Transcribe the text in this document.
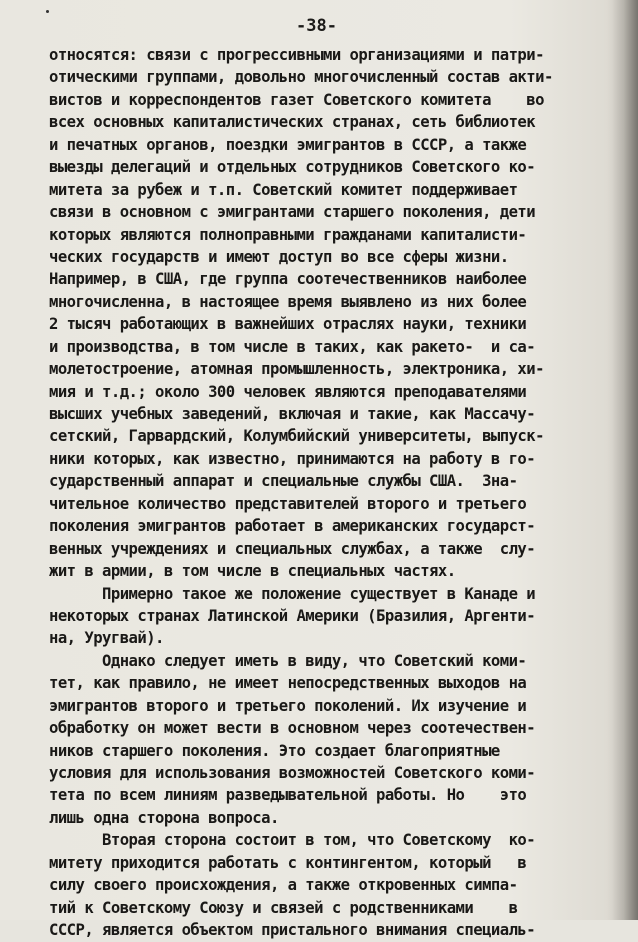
-38-
относятся: связи с прогрессивными организациями и патри-
отическими группами, довольно многочисленный состав акти-
вистов и корреспондентов газет Советского комитета    во
всех основных капиталистических странах, сеть библиотек
и печатных органов, поездки эмигрантов в СССР, а также
выезды делегаций и отдельных сотрудников Советского ко-
митета за рубеж и т.п. Советский комитет поддерживает
связи в основном с эмигрантами старшего поколения, дети
которых являются полноправными гражданами капиталисти-
ческих государств и имеют доступ во все сферы жизни.
Например, в США, где группа соотечественников наиболее
многочисленна, в настоящее время выявлено из них более
2 тысяч работающих в важнейших отраслях науки, техники
и производства, в том числе в таких, как ракето-  и са-
молетостроение, атомная промышленность, электроника, хи-
мия и т.д.; около 300 человек являются преподавателями
высших учебных заведений, включая и такие, как Массачу-
сетский, Гарвардский, Колумбийский университеты, выпуск-
ники которых, как известно, принимаются на работу в го-
сударственный аппарат и специальные службы США.  Зна-
чительное количество представителей второго и третьего
поколения эмигрантов работает в американских государст-
венных учреждениях и специальных службах, а также  слу-
жит в армии, в том числе в специальных частях.
Примерно такое же положение существует в Канаде и
некоторых странах Латинской Америки (Бразилия, Аргенти-
на, Уругвай).
Однако следует иметь в виду, что Советский коми-
тет, как правило, не имеет непосредственных выходов на
эмигрантов второго и третьего поколений. Их изучение и
обработку он может вести в основном через соотечествен-
ников старшего поколения. Это создает благоприятные
условия для использования возможностей Советского коми-
тета по всем линиям разведывательной работы. Но    это
лишь одна сторона вопроса.
Вторая сторона состоит в том, что Советскому  ко-
митету приходится работать с контингентом, который   в
силу своего происхождения, а также откровенных симпа-
тий к Советскому Союзу и связей с родственниками    в
СССР, является объектом пристального внимания специаль-
